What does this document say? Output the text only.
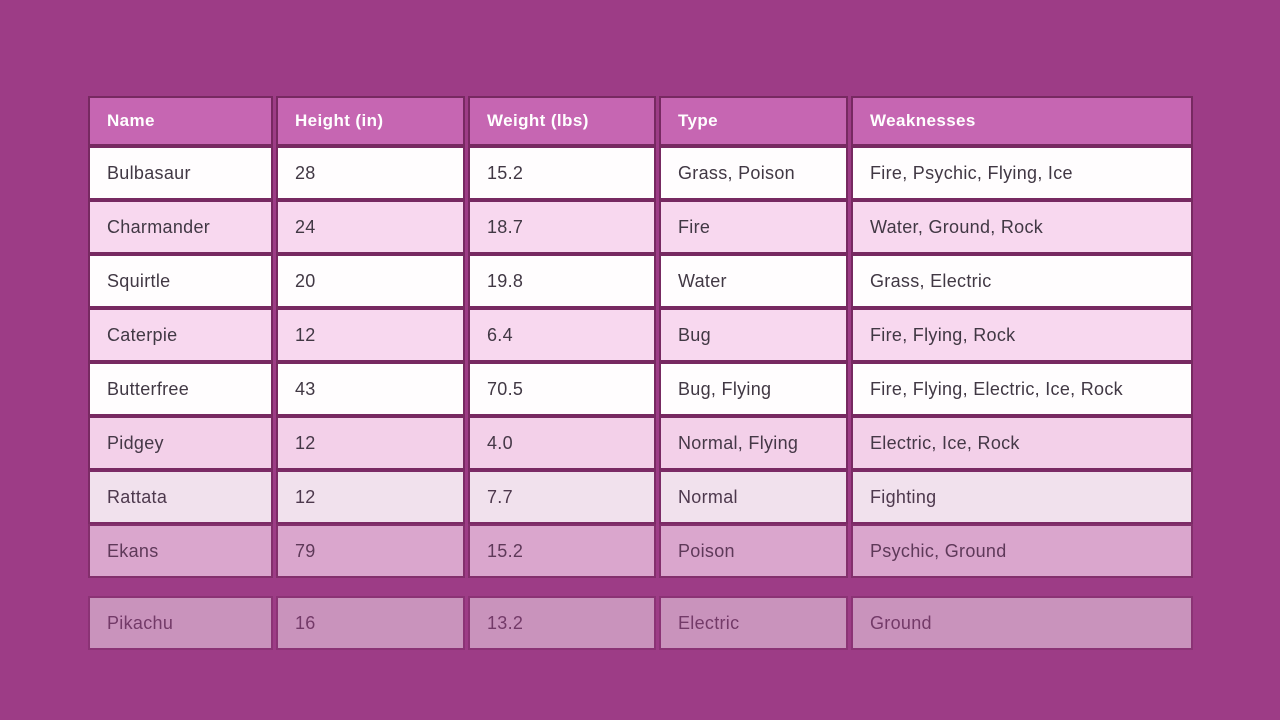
Name	Height (in)	Weight (lbs)	Type	Weaknesses
Bulbasaur	28	15.2	Grass, Poison	Fire, Psychic, Flying, Ice
Charmander	24	18.7	Fire	Water, Ground, Rock
Squirtle	20	19.8	Water	Grass, Electric
Caterpie	12	6.4	Bug	Fire, Flying, Rock
Butterfree	43	70.5	Bug, Flying	Fire, Flying, Electric, Ice, Rock
Pidgey	12	4.0	Normal, Flying	Electric, Ice, Rock
Rattata	12	7.7	Normal	Fighting
Ekans	79	15.2	Poison	Psychic, Ground
Pikachu	16	13.2	Electric	Ground
